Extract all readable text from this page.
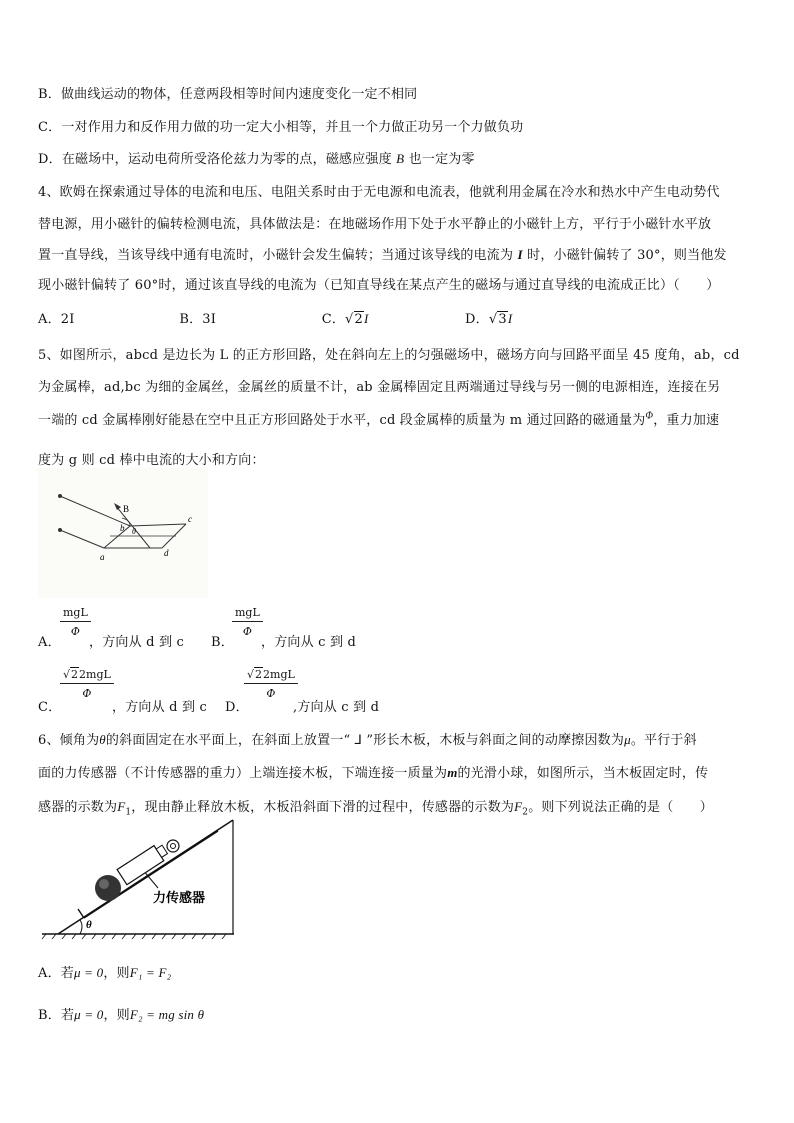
B．做曲线运动的物体，任意两段相等时间内速度变化一定不相同
C．一对作用力和反作用力做的功一定大小相等，并且一个力做正功另一个力做负功
D．在磁场中，运动电荷所受洛伦兹力为零的点，磁感应强度 B 也一定为零
4、欧姆在探索通过导体的电流和电压、电阻关系时由于无电源和电流表，他就利用金属在冷水和热水中产生电动势代
替电源，用小磁针的偏转检测电流，具体做法是：在地磁场作用下处于水平静止的小磁针上方，平行于小磁针水平放
置一直导线，当该导线中通有电流时，小磁针会发生偏转；当通过该导线的电流为 I 时，小磁针偏转了 30°，则当他发
现小磁针偏转了 60°时，通过该直导线的电流为（已知直导线在某点产生的磁场与通过直导线的电流成正比）（　　）
A．2I	B．3I	C．√2I	D．√3I
5、如图所示，abcd 是边长为 L 的正方形回路，处在斜向左上的匀强磁场中，磁场方向与回路平面呈 45 度角，ab，cd
为金属棒，ad,bc 为细的金属丝，金属丝的质量不计，ab 金属棒固定且两端通过导线与另一侧的电源相连，连接在另
一端的 cd 金属棒刚好能悬在空中且正方形回路处于水平，cd 段金属棒的质量为 m 通过回路的磁通量为$^\Phi$，重力加速
度为 g 则 cd 棒中电流的大小和方向：
B
b
c
a	d
θ
A．
mgL
Φ
，方向从 d 到 c B．
mgL
Φ
，方向从 c 到 d
C．
√22mgL
Φ
，方向从 d 到 c D．
√22mgL
Φ
,方向从 c 到 d
6、倾角为θ的斜面固定在水平面上，在斜面上放置一“ ⅃ ”形长木板，木板与斜面之间的动摩擦因数为μ。平行于斜
面的力传感器（不计传感器的重力）上端连接木板，下端连接一质量为m的光滑小球，如图所示，当木板固定时，传
感器的示数为$F_1$，现由静止释放木板，木板沿斜面下滑的过程中，传感器的示数为$F_2$。则下列说法正确的是（　　）
力传感器
θ
A．若μ = 0，则F₁ = F₂
B．若μ = 0，则F₂ = mg sin θ
